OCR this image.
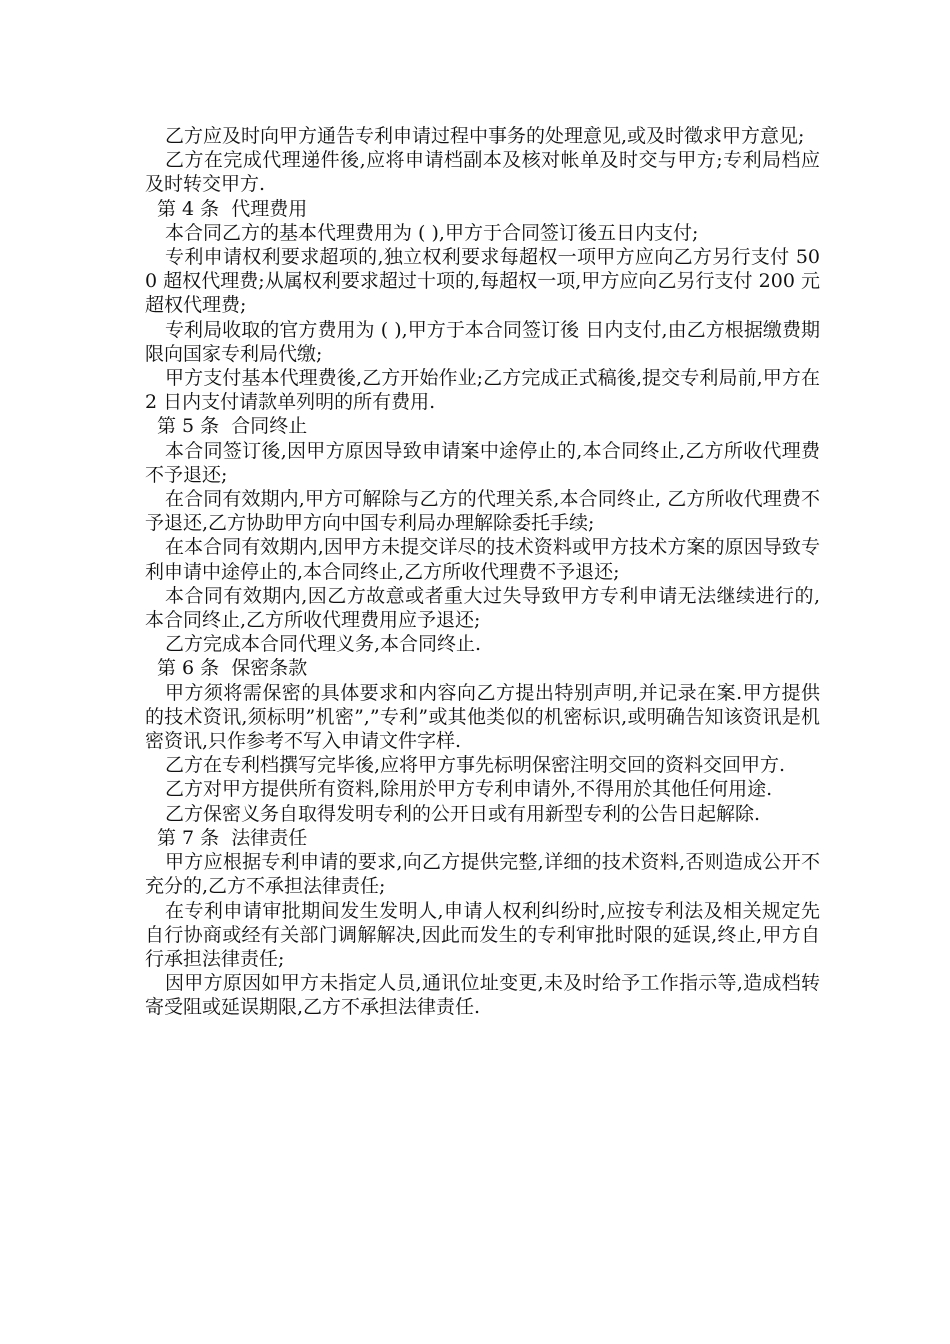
乙方应及时向甲方通告专利申请过程中事务的处理意见,或及时徵求甲方意见;

乙方在完成代理递件後,应将申请档副本及核对帐单及时交与甲方;专利局档应及时转交甲方.

第 4 条  代理费用

本合同乙方的基本代理费用为 ( ),甲方于合同签订後五日内支付;

专利申请权利要求超项的,独立权利要求每超权一项甲方应向乙方另行支付 500 超权代理费;从属权利要求超过十项的,每超权一项,甲方应向乙另行支付 200 元超权代理费;

专利局收取的官方费用为 ( ),甲方于本合同签订後 日内支付,由乙方根据缴费期限向国家专利局代缴;

甲方支付基本代理费後,乙方开始作业;乙方完成正式稿後,提交专利局前,甲方在 2 日内支付请款单列明的所有费用.

第 5 条  合同终止

本合同签订後,因甲方原因导致申请案中途停止的,本合同终止,乙方所收代理费不予退还;

在合同有效期内,甲方可解除与乙方的代理关系,本合同终止, 乙方所收代理费不予退还,乙方协助甲方向中国专利局办理解除委托手续;

在本合同有效期内,因甲方未提交详尽的技术资料或甲方技术方案的原因导致专利申请中途停止的,本合同终止,乙方所收代理费不予退还;

本合同有效期内,因乙方故意或者重大过失导致甲方专利申请无法继续进行的,本合同终止,乙方所收代理费用应予退还;

乙方完成本合同代理义务,本合同终止.

第 6 条  保密条款

甲方须将需保密的具体要求和内容向乙方提出特别声明,并记录在案.甲方提供的技术资讯,须标明”机密”,”专利”或其他类似的机密标识,或明确告知该资讯是机密资讯,只作参考不写入申请文件字样.

乙方在专利档撰写完毕後,应将甲方事先标明保密注明交回的资料交回甲方.

乙方对甲方提供所有资料,除用於甲方专利申请外,不得用於其他任何用途.

乙方保密义务自取得发明专利的公开日或有用新型专利的公告日起解除.

第 7 条  法律责任

甲方应根据专利申请的要求,向乙方提供完整,详细的技术资料,否则造成公开不充分的,乙方不承担法律责任;

在专利申请审批期间发生发明人,申请人权利纠纷时,应按专利法及相关规定先自行协商或经有关部门调解解决,因此而发生的专利审批时限的延误,终止,甲方自行承担法律责任;

因甲方原因如甲方未指定人员,通讯位址变更,未及时给予工作指示等,造成档转寄受阻或延误期限,乙方不承担法律责任.
